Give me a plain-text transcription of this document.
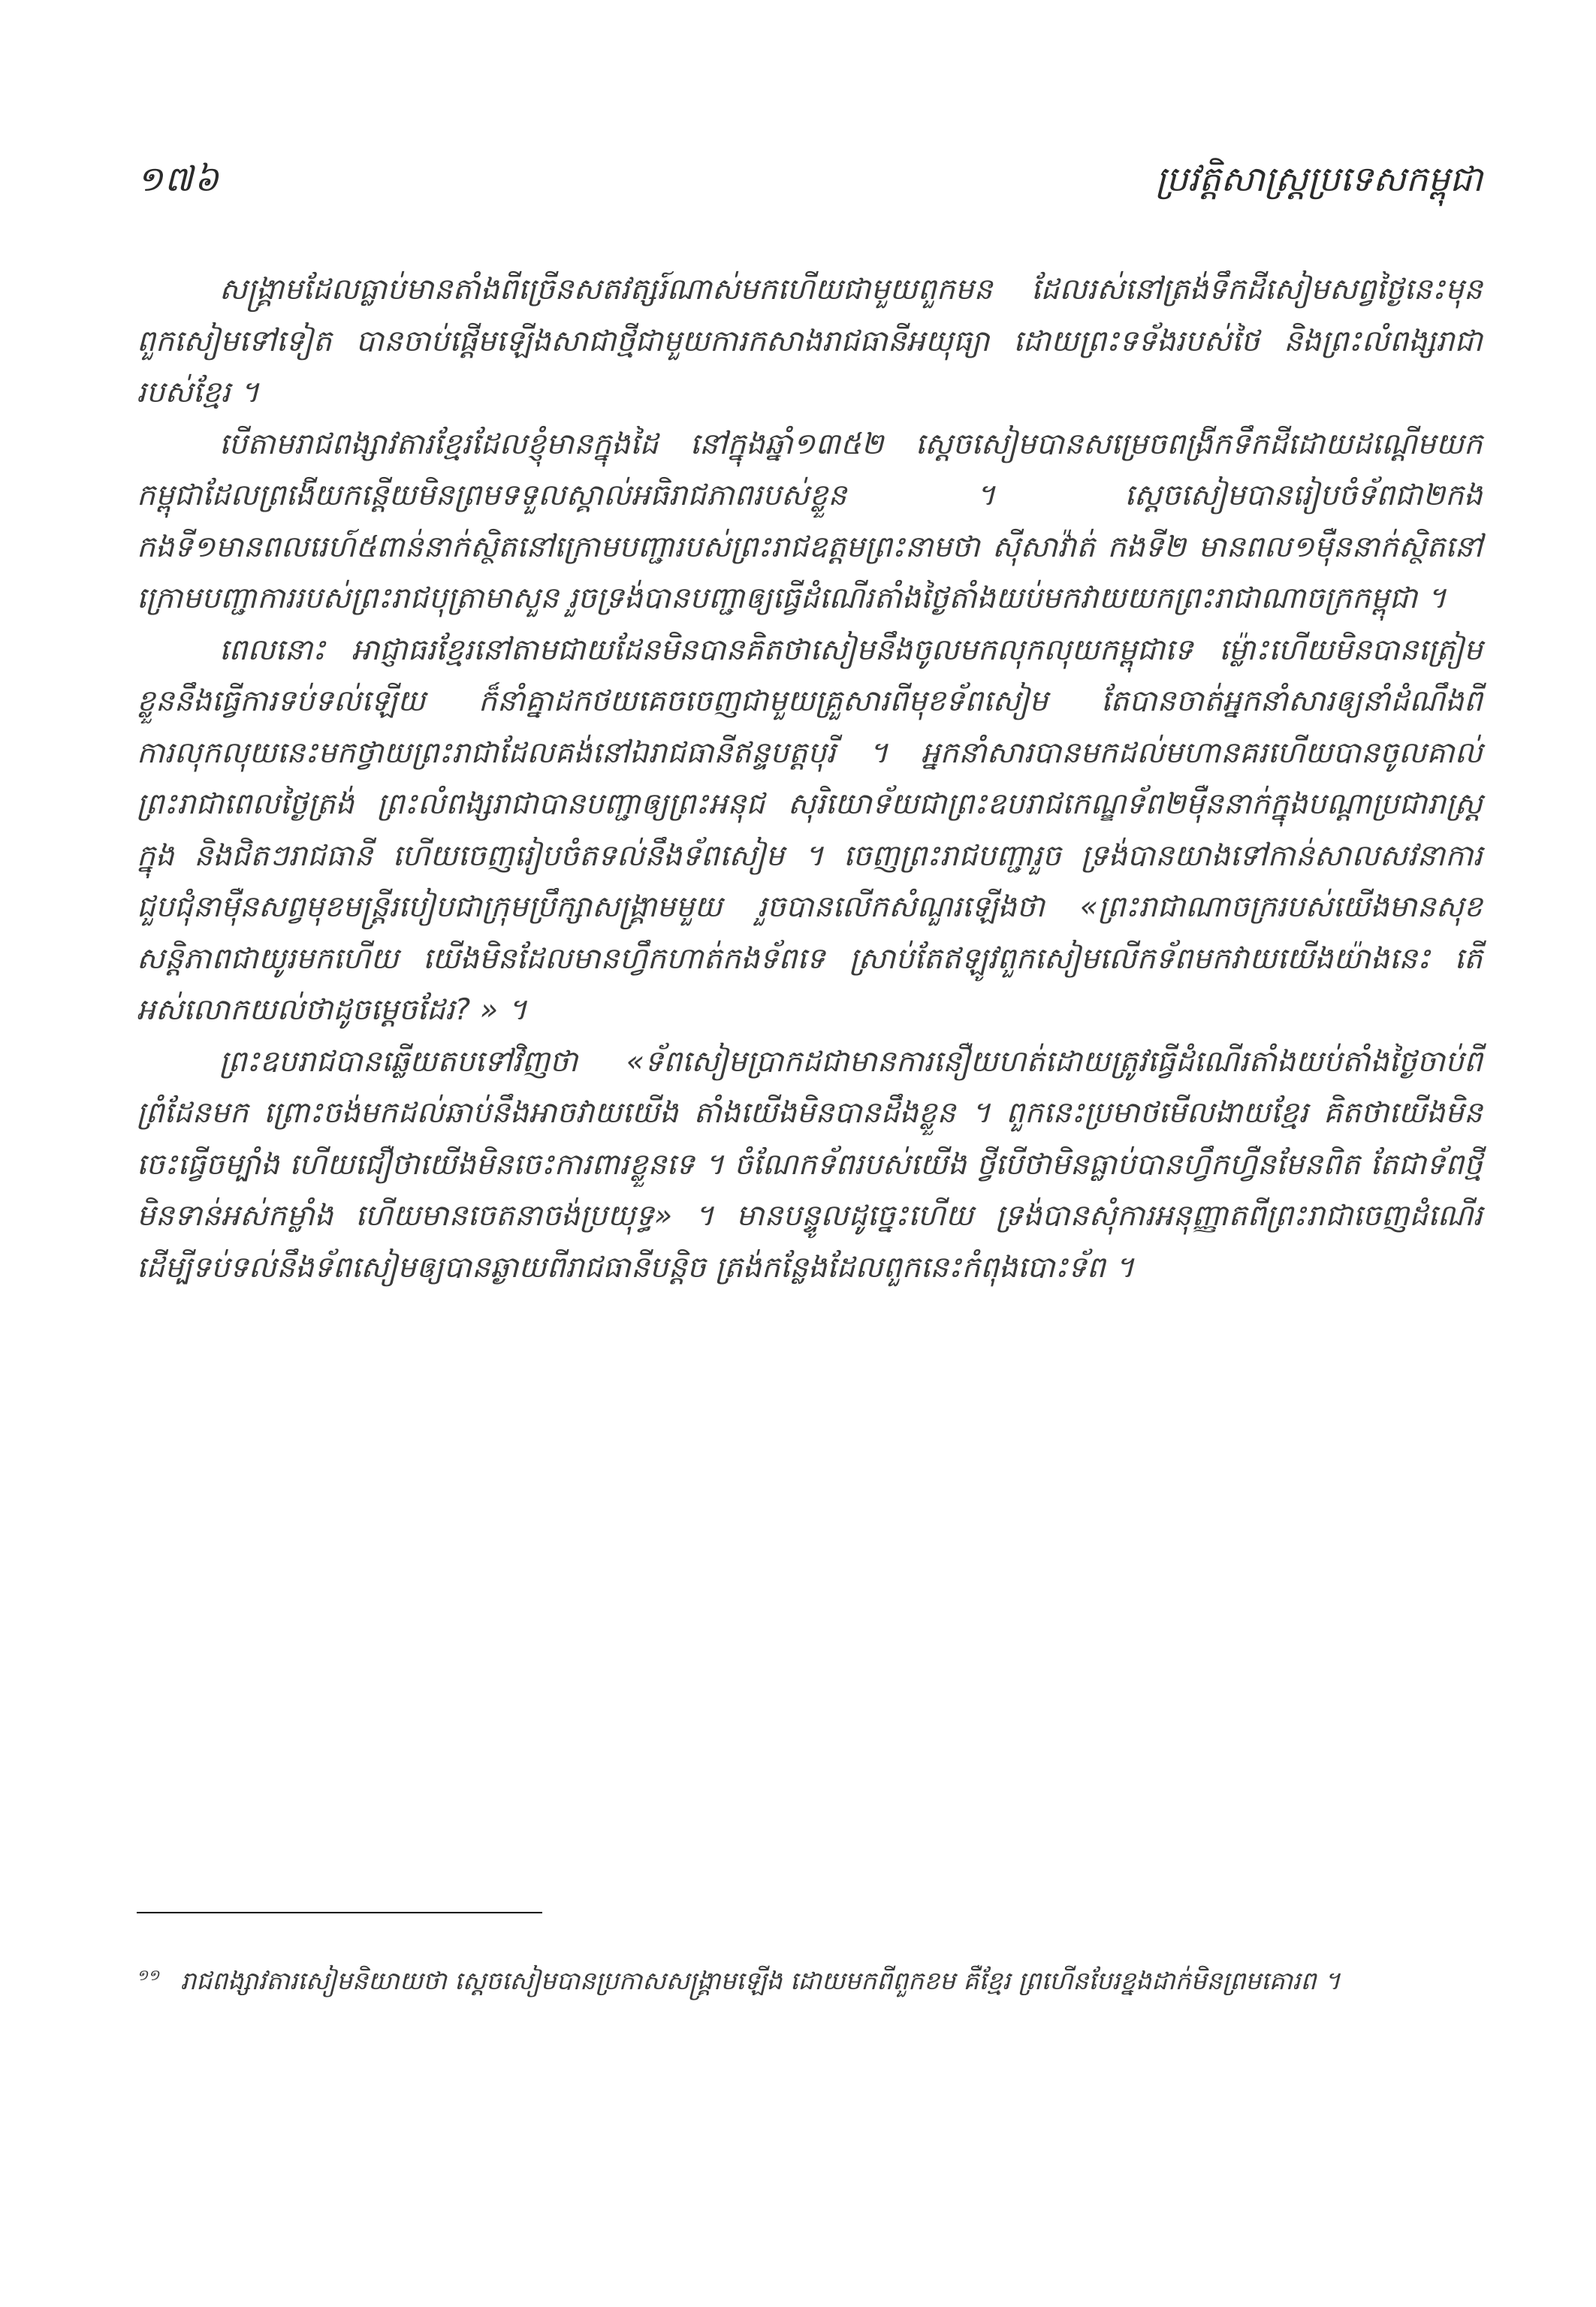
១៧៦	ប្រវត្តិសាស្ត្រប្រទេសកម្ពុជា

សង្គ្រាមដែលធ្លាប់មានតាំងពីច្រើនសតវត្សរ៍ណាស់មកហើយជាមួយពួកមន ដែលរស់នៅត្រង់ទឹកដីសៀមសព្វថ្ងៃនេះមុនពួកសៀមទៅទៀត បានចាប់ផ្ដើមឡើងសាជាថ្មីជាមួយការកសាងរាជធានីអយុធ្យា ដោយព្រះទទ័ងរបស់ថៃ និងព្រះលំពង្សរាជារបស់ខ្មែរ ។

បើតាមរាជពង្សាវតារខ្មែរដែលខ្ញុំមានក្នុងដៃ នៅក្នុងឆ្នាំ១៣៥២ ស្ដេចសៀមបានសម្រេចពង្រីកទឹកដីដោយដណ្ដើមយកកម្ពុជាដែលព្រងើយកន្ដើយមិនព្រមទទួលស្គាល់អធិរាជភាពរបស់ខ្លួន ។ ស្ដេចសៀមបានរៀបចំទ័ពជា២កង កងទី១មានពលរេហ៍៥ពាន់នាក់ស្ថិតនៅក្រោមបញ្ជារបស់ព្រះរាជឧត្តមព្រះនាមថា ស៊ីសាវ៉ាត់ កងទី២ មានពល១ម៉ឺននាក់ស្ថិតនៅក្រោមបញ្ជាការរបស់ព្រះរាជបុត្រាមាសួន រួចទ្រង់បានបញ្ជាឲ្យធ្វើដំណើរតាំងថ្ងៃតាំងយប់មកវាយយកព្រះរាជាណាចក្រកម្ពុជា ។

ពេលនោះ អាជ្ញាធរខ្មែរនៅតាមជាយដែនមិនបានគិតថាសៀមនឹងចូលមកលុកលុយកម្ពុជាទេ ម្ល៉ោះហើយមិនបានត្រៀមខ្លួននឹងធ្វើការទប់ទល់ឡើយ ក៏នាំគ្នាដកថយគេចចេញជាមួយគ្រួសារពីមុខទ័ពសៀម តែបានចាត់អ្នកនាំសារឲ្យនាំដំណឹងពីការលុកលុយនេះមកថ្វាយព្រះរាជាដែលគង់នៅឯរាជធានីឥន្ទបត្តបុរី ។ អ្នកនាំសារបានមកដល់មហានគរហើយបានចូលគាល់ព្រះរាជាពេលថ្ងៃត្រង់ ព្រះលំពង្សរាជាបានបញ្ជាឲ្យព្រះអនុជ សុរិយោទ័យជាព្រះឧបរាជកេណ្ឌទ័ព២ម៉ឺននាក់ក្នុងបណ្ដាប្រជារាស្ត្រក្នុង និងជិតៗរាជធានី ហើយចេញរៀបចំតទល់នឹងទ័ពសៀម ។ ចេញព្រះរាជបញ្ជារួច ទ្រង់បានយាងទៅកាន់សាលសវនាការ ជួបជុំនាម៉ឺនសព្វមុខមន្ត្រីរបៀបជាក្រុមប្រឹក្សាសង្គ្រាមមួយ រួចបានលើកសំណួរឡើងថា «ព្រះរាជាណាចក្ររបស់យើងមានសុខសន្តិភាពជាយូរមកហើយ យើងមិនដែលមានហ្វឹកហាត់កងទ័ពទេ ស្រាប់តែឥឡូវពួកសៀមលើកទ័ពមកវាយយើងយ៉ាងនេះ តើអស់លោកយល់ថាដូចម្ដេចដែរ? » ។

ព្រះឧបរាជបានឆ្លើយតបទៅវិញថា «ទ័ពសៀមប្រាកដជាមានការនឿយហត់ដោយត្រូវធ្វើដំណើរតាំងយប់តាំងថ្ងៃចាប់ពីព្រំដែនមក ព្រោះចង់មកដល់ឆាប់នឹងអាចវាយយើង តាំងយើងមិនបានដឹងខ្លួន ។ ពួកនេះប្រមាថមើលងាយខ្មែរ គិតថាយើងមិនចេះធ្វើចម្បាំង ហើយជឿថាយើងមិនចេះការពារខ្លួនទេ ។ ចំណែកទ័ពរបស់យើង ថ្វីបើថាមិនធ្លាប់បានហ្វឹកហ្វឺនមែនពិត តែជាទ័ពថ្មី មិនទាន់អស់កម្លាំង ហើយមានចេតនាចង់ប្រយុទ្ធ» ។ មានបន្ទូលដូច្នេះហើយ ទ្រង់បានសុំការអនុញ្ញាតពីព្រះរាជាចេញដំណើរ ដើម្បីទប់ទល់នឹងទ័ពសៀមឲ្យបានឆ្ងាយពីរាជធានីបន្តិច ត្រង់កន្លែងដែលពួកនេះកំពុងបោះទ័ព ។

$^{១១}$ រាជពង្សាវតារសៀមនិយាយថា ស្ដេចសៀមបានប្រកាសសង្គ្រាមឡើង ដោយមកពីពួកខម គឺខ្មែរ ព្រហើនបែរខ្នងដាក់មិនព្រមគោរព ។
